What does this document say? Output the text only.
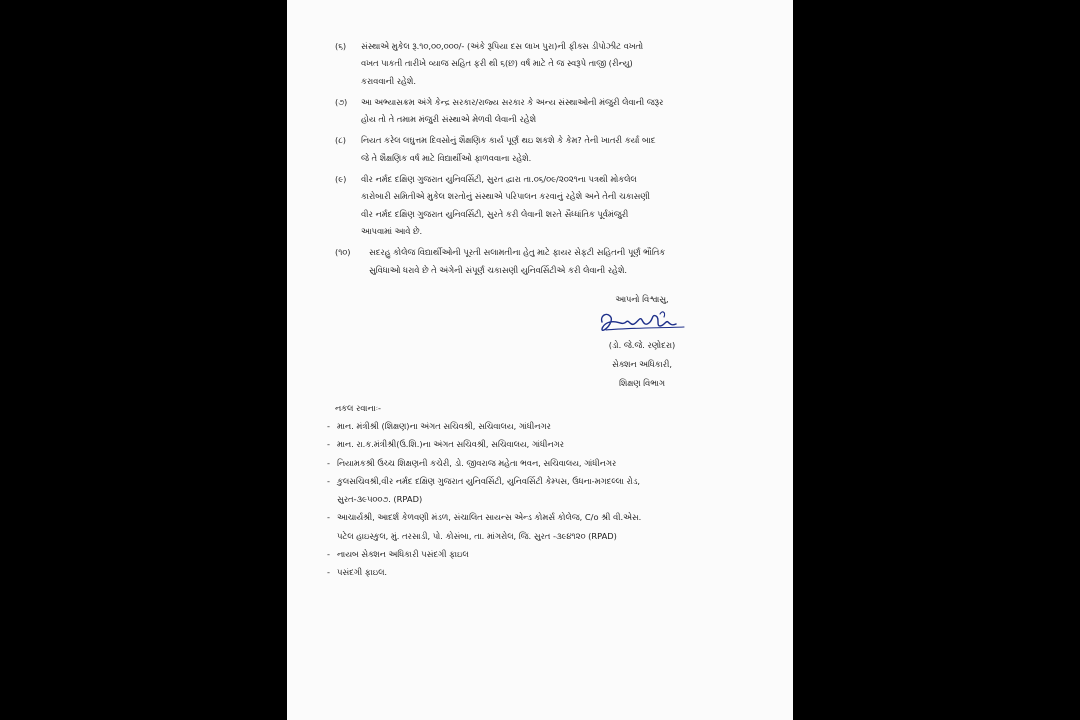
(૬) સંસ્થાએ મુકેલ રૂ.૧૦,૦૦,૦૦૦/- (અંકે રૂપિયા દસ લાખ પુરા)ની ફીક્સ ડીપોઝીટ વખતો
વખત પાકતી તારીખે વ્યાજ સહિત ફરી થી ૬(છ) વર્ષ માટે તે જ સ્વરૂપે તાજી (રીન્યુ)
કરાવવાની રહેશે.
(૭) આ અભ્યાસક્રમ અંગે કેન્દ્ર સરકાર/રાજ્ય સરકાર કે અન્ય સંસ્થાઓની મંજુરી લેવાની જરૂર
હોય તો તે તમામ મંજુરી સંસ્થાએ મેળવી લેવાની રહેશે
(૮) નિયત કરેલ લઘુત્તમ દિવસોનું શૈક્ષણિક કાર્ય પૂર્ણ થઇ શકશે કે કેમ? તેની ખાતરી કર્યા બાદ
જે તે શૈક્ષણિક વર્ષ માટે વિદ્યાર્થીઓ ફાળવવાના રહેશે.
(૯) વીર નર્મદ દક્ષિણ ગુજરાત યુનિવર્સિટી, સુરત દ્વારા તા.૦૬/૦૯/૨૦૨૧ના પત્રથી મોકલેલ
કારોબારી સમિતીએ મુકેલ શરતોનું સંસ્થાએ પરિપાલન કરવાનું રહેશે અને તેની ચકાસણી
વીર નર્મદ દક્ષિણ ગુજરાત યુનિવર્સિટી, સુરતે કરી લેવાની શરતે સૈધ્ધાંતિક પૂર્વમંજુરી
આપવામાં આવે છે.
(૧૦) સદરહુ કોલેજ વિદ્યાર્થીઓની પૂરતી સલામતીના હેતુ માટે ફાયર સેફટી સહિતની પૂર્ણ ભૌતિક
સુવિધાઓ ધરાવે છે તે અંગેની સંપૂર્ણ ચકાસણી યુનિવર્સિટીએ કરી લેવાની રહેશે.
આપનો વિશ્વાસુ,
(ડો. જે.જે. રણોદરા)
સેક્શન અધિકારી,
શિક્ષણ વિભાગ
નકલ રવાનાઃ-
- માન. મંત્રીશ્રી (શિક્ષણ)ના અંગત સચિવશ્રી, સચિવાલય, ગાંધીનગર
- માન. રા.ક.મંત્રીશ્રી(ઉ.શિ.)ના અંગત સચિવશ્રી, સચિવાલય, ગાંધીનગર
- નિયામકશ્રી ઉચ્ચ શિક્ષણની કચેરી, ડો. જીવરાજ મહેતા ભવન, સચિવાલય, ગાંધીનગર
- કુલસચિવશ્રી,વીર નર્મદ દક્ષિણ ગુજરાત યુનિવર્સિટી, યુનિવર્સિટી કેમ્પસ, ઉધના-મગદલ્લા રોડ,
સુરત-૩૯૫૦૦૭. (RPAD)
- આચાર્યશ્રી, આદર્શ કેળવણી મંડળ, સંચાલિત સાયન્સ એન્ડ કોમર્સ કોલેજ, C/o શ્રી વી.એસ.
પટેલ હાઇસ્કુલ, મું. તરસાડી, પો. કોસંબા, તા. માંગરોલ, જિ. સુરત -૩૯૪૧૨૦ (RPAD)
- નાયબ સેક્શન અધિકારી પસંદગી ફાઇલ
- પસંદગી ફાઇલ.
